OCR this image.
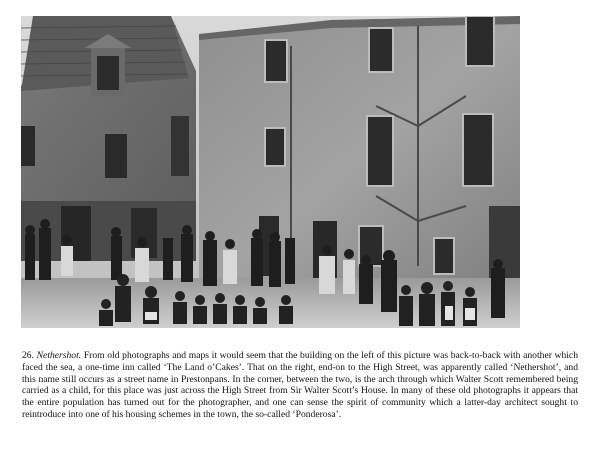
26. Nethershot. From old photographs and maps it would seem that the building on the left of this picture was back-to-back with another which faced the sea, a one-time inn called ‘The Land o’Cakes’. That on the right, end-on to the High Street, was apparently called ‘Nethershot’, and this name still occurs as a street name in Prestonpans. In the corner, between the two, is the arch through which Walter Scott remembered being carried as a child, for this place was just across the High Street from Sir Walter Scott’s House. In many of these old photographs it appears that the entire population has turned out for the photographer, and one can sense the spirit of community which a latter-day architect sought to reintroduce into one of his housing schemes in the town, the so-called ‘Ponderosa’.
